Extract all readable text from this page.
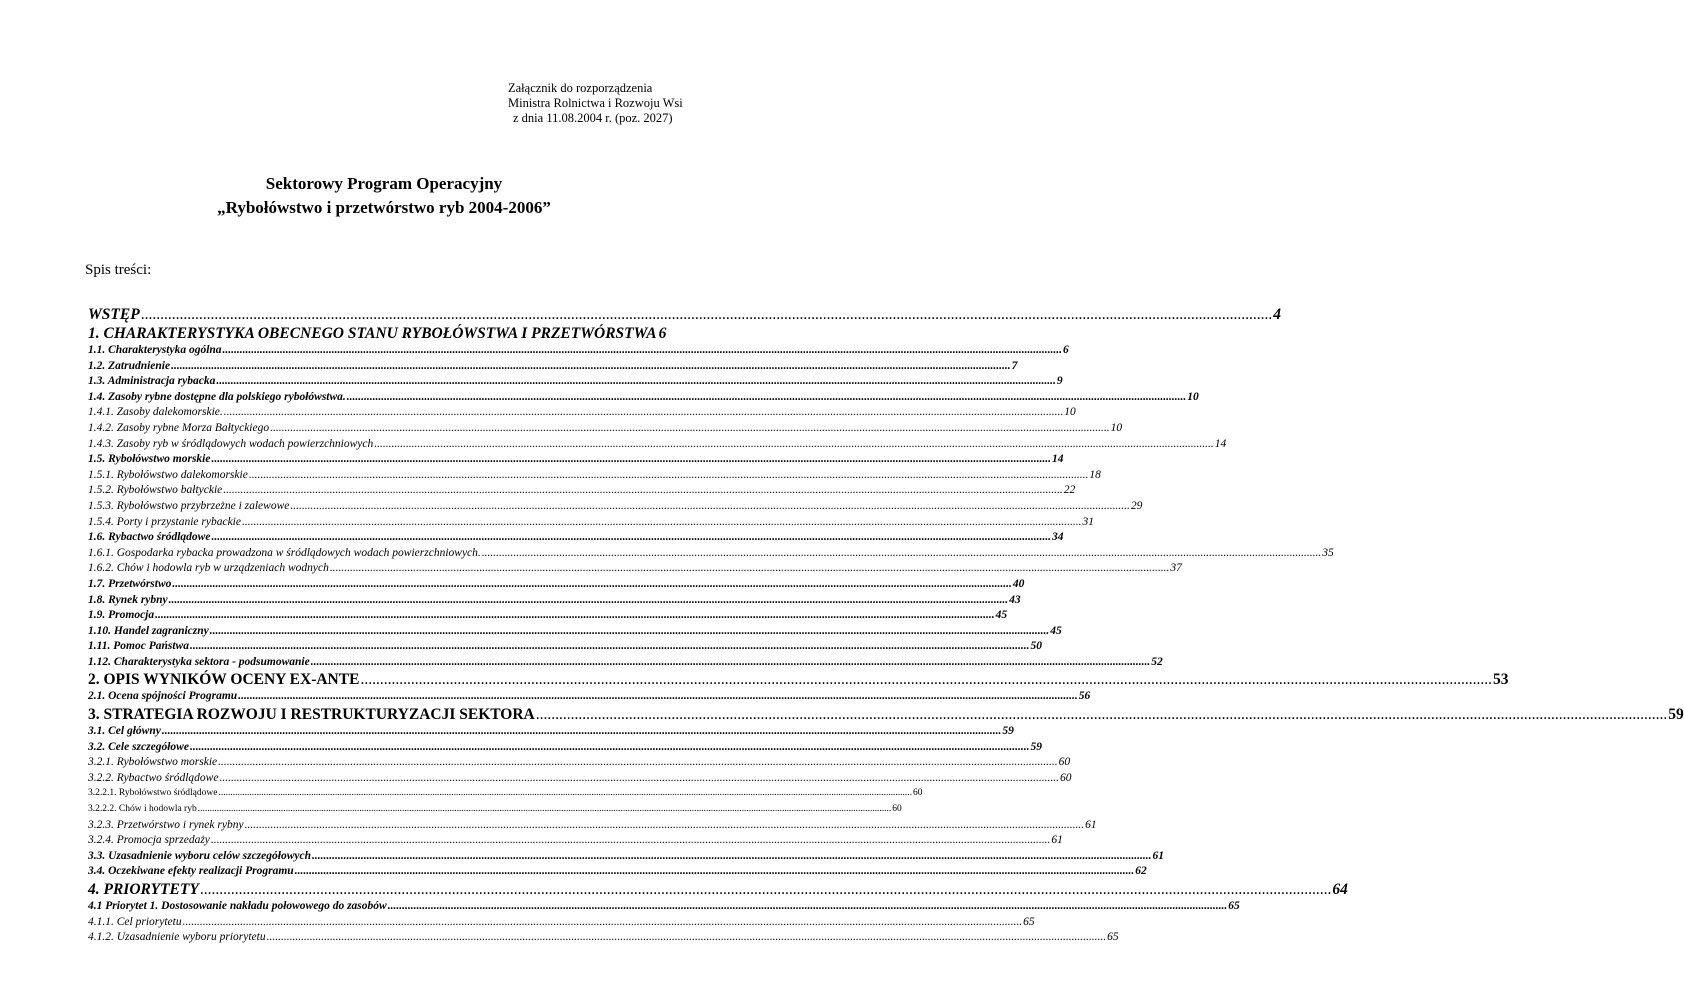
Załącznik do rozporządzenia
Ministra Rolnictwa i Rozwoju Wsi
z dnia 11.08.2004 r. (poz. 2027)
Sektorowy Program Operacyjny
„Rybołówstwo i przetwórstwo ryb 2004-2006”
Spis treści:
WSTĘP .....	4
1. CHARAKTERYSTYKA OBECNEGO STANU RYBOŁÓWSTWA I PRZETWÓRSTWA 6
1.1. Charakterystyka ogólna .....	6
1.2. Zatrudnienie .....	7
1.3. Administracja rybacka .....	9
1.4. Zasoby rybne dostępne dla polskiego rybołówstwa. .....	10
1.4.1. Zasoby dalekomorskie. .....	10
1.4.2. Zasoby rybne Morza Bałtyckiego .....	10
1.4.3. Zasoby ryb w śródlądowych wodach powierzchniowych .....	14
1.5. Rybołówstwo morskie .....	14
1.5.1. Rybołówstwo dalekomorskie .....	18
1.5.2. Rybołówstwo bałtyckie .....	22
1.5.3. Rybołówstwo przybrzeżne i zalewowe .....	29
1.5.4. Porty i przystanie rybackie .....	31
1.6. Rybactwo śródlądowe .....	34
1.6.1. Gospodarka rybacka prowadzona w śródlądowych wodach powierzchniowych. .....	35
1.6.2. Chów i hodowla ryb w urządzeniach wodnych .....	37
1.7. Przetwórstwo .....	40
1.8. Rynek rybny .....	43
1.9. Promocja .....	45
1.10. Handel zagraniczny .....	45
1.11. Pomoc Państwa .....	50
1.12. Charakterystyka sektora - podsumowanie .....	52
2. OPIS WYNIKÓW OCENY EX-ANTE .....	53
2.1. Ocena spójności Programu .....	56
3. STRATEGIA ROZWOJU I RESTRUKTURYZACJI SEKTORA .....	59
3.1. Cel główny .....	59
3.2. Cele szczegółowe .....	59
3.2.1. Rybołówstwo morskie .....	60
3.2.2. Rybactwo śródlądowe .....	60
3.2.2.1. Rybołówstwo śródlądowe .....	60
3.2.2.2. Chów i hodowla ryb .....	60
3.2.3. Przetwórstwo i rynek rybny .....	61
3.2.4. Promocja sprzedaży .....	61
3.3. Uzasadnienie wyboru celów szczegółowych .....	61
3.4. Oczekiwane efekty realizacji Programu .....	62
4. PRIORYTETY .....	64
4.1 Priorytet 1. Dostosowanie nakładu połowowego do zasobów .....	65
4.1.1. Cel priorytetu .....	65
4.1.2. Uzasadnienie wyboru priorytetu .....	65
